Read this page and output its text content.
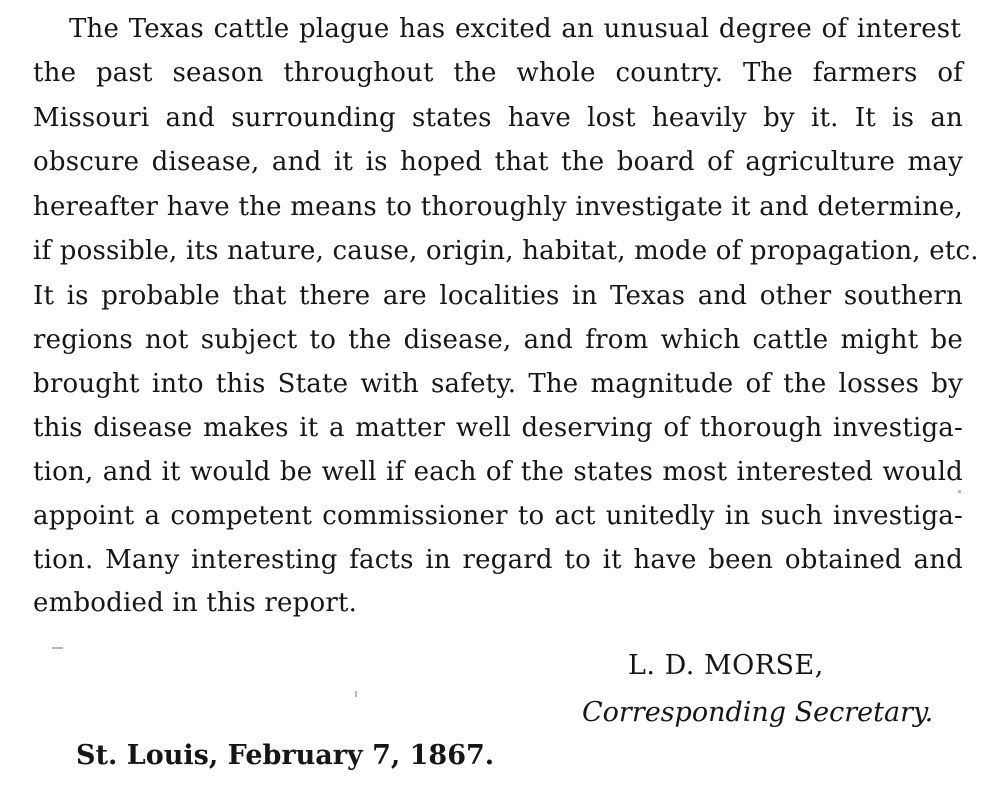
The Texas cattle plague has excited an unusual degree of interest
the past season throughout the whole country. The farmers of
Missouri and surrounding states have lost heavily by it. It is an
obscure disease, and it is hoped that the board of agriculture may
hereafter have the means to thoroughly investigate it and determine,
if possible, its nature, cause, origin, habitat, mode of propagation, etc.
It is probable that there are localities in Texas and other southern
regions not subject to the disease, and from which cattle might be
brought into this State with safety. The magnitude of the losses by
this disease makes it a matter well deserving of thorough investiga-
tion, and it would be well if each of the states most interested would
appoint a competent commissioner to act unitedly in such investiga-
tion. Many interesting facts in regard to it have been obtained and
embodied in this report.
L. D. MORSE,
Corresponding Secretary.
St. Louis, February 7, 1867.
